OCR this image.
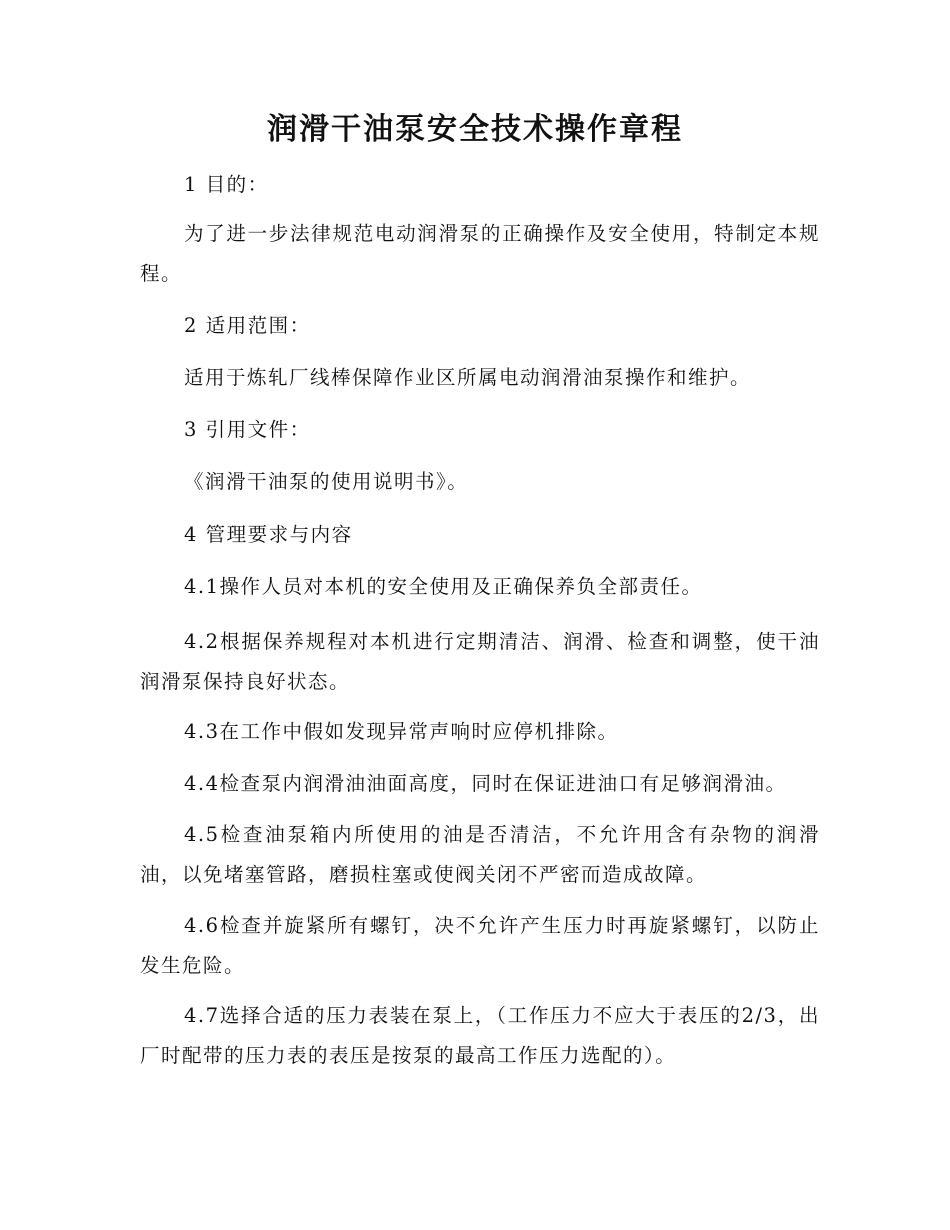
润滑干油泵安全技术操作章程
1 目的：
为了进一步法律规范电动润滑泵的正确操作及安全使用，特制定本规程。
2 适用范围：
适用于炼轧厂线棒保障作业区所属电动润滑油泵操作和维护。
3 引用文件：
《润滑干油泵的使用说明书》。
4 管理要求与内容
4.1操作人员对本机的安全使用及正确保养负全部责任。
4.2根据保养规程对本机进行定期清洁、润滑、检查和调整，使干油润滑泵保持良好状态。
4.3在工作中假如发现异常声响时应停机排除。
4.4检查泵内润滑油油面高度，同时在保证进油口有足够润滑油。
4.5检查油泵箱内所使用的油是否清洁，不允许用含有杂物的润滑油，以免堵塞管路，磨损柱塞或使阀关闭不严密而造成故障。
4.6检查并旋紧所有螺钉，决不允许产生压力时再旋紧螺钉，以防止发生危险。
4.7选择合适的压力表装在泵上，（工作压力不应大于表压的2/3，出厂时配带的压力表的表压是按泵的最高工作压力选配的）。
